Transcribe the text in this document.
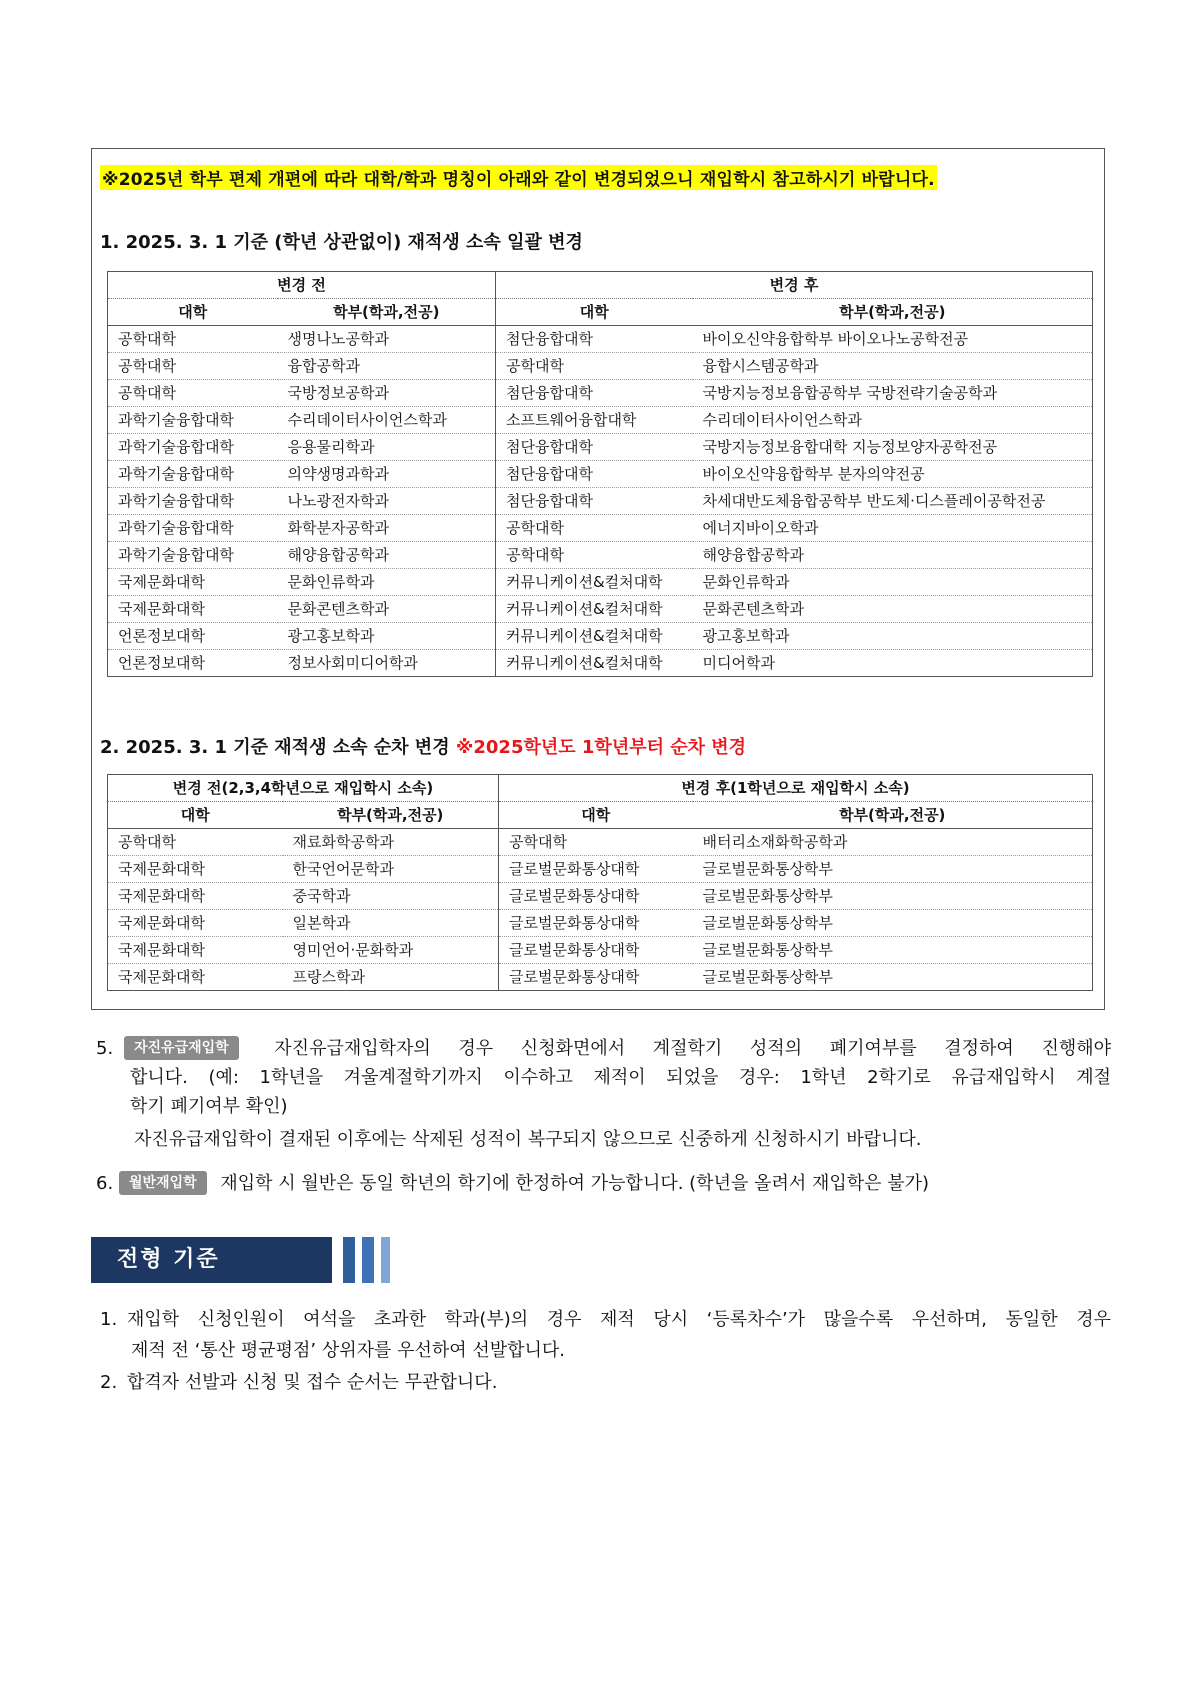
※2025년 학부 편제 개편에 따라 대학/학과 명칭이 아래와 같이 변경되었으니 재입학시 참고하시기 바랍니다.
1. 2025. 3. 1 기준 (학년 상관없이) 재적생 소속 일괄 변경
변경 전		변경 후	
대학	학부(학과,전공)	대학	학부(학과,전공)
공학대학	생명나노공학과	첨단융합대학	바이오신약융합학부 바이오나노공학전공
공학대학	융합공학과	공학대학	융합시스템공학과
공학대학	국방정보공학과	첨단융합대학	국방지능정보융합공학부 국방전략기술공학과
과학기술융합대학	수리데이터사이언스학과	소프트웨어융합대학	수리데이터사이언스학과
과학기술융합대학	응용물리학과	첨단융합대학	국방지능정보융합대학 지능정보양자공학전공
과학기술융합대학	의약생명과학과	첨단융합대학	바이오신약융합학부 분자의약전공
과학기술융합대학	나노광전자학과	첨단융합대학	차세대반도체융합공학부 반도체·디스플레이공학전공
과학기술융합대학	화학분자공학과	공학대학	에너지바이오학과
과학기술융합대학	해양융합공학과	공학대학	해양융합공학과
국제문화대학	문화인류학과	커뮤니케이션&컬처대학	문화인류학과
국제문화대학	문화콘텐츠학과	커뮤니케이션&컬처대학	문화콘텐츠학과
언론정보대학	광고홍보학과	커뮤니케이션&컬처대학	광고홍보학과
언론정보대학	정보사회미디어학과	커뮤니케이션&컬처대학	미디어학과
2. 2025. 3. 1 기준 재적생 소속 순차 변경 ※2025학년도 1학년부터 순차 변경
변경 전(2,3,4학년으로 재입학시 소속)		변경 후(1학년으로 재입학시 소속)	
대학	학부(학과,전공)	대학	학부(학과,전공)
공학대학	재료화학공학과	공학대학	배터리소재화학공학과
국제문화대학	한국언어문학과	글로벌문화통상대학	글로벌문화통상학부
국제문화대학	중국학과	글로벌문화통상대학	글로벌문화통상학부
국제문화대학	일본학과	글로벌문화통상대학	글로벌문화통상학부
국제문화대학	영미언어·문화학과	글로벌문화통상대학	글로벌문화통상학부
국제문화대학	프랑스학과	글로벌문화통상대학	글로벌문화통상학부
5.	자진유급재입학	자진유급재입학자의 경우 신청화면에서 계절학기 성적의 폐기여부를 결정하여 진행해야
합니다. (예: 1학년을 겨울계절학기까지 이수하고 제적이 되었을 경우: 1학년 2학기로 유급재입학시 계절
학기 폐기여부 확인)
자진유급재입학이 결재된 이후에는 삭제된 성적이 복구되지 않으므로 신중하게 신청하시기 바랍니다.
6.	월반재입학 재입학 시 월반은 동일 학년의 학기에 한정하여 가능합니다. (학년을 올려서 재입학은 불가)
전형 기준
1. 재입학 신청인원이 여석을 초과한 학과(부)의 경우 제적 당시 ‘등록차수’가 많을수록 우선하며, 동일한 경우
제적 전 ‘통산 평균평점’ 상위자를 우선하여 선발합니다.
2. 합격자 선발과 신청 및 접수 순서는 무관합니다.
